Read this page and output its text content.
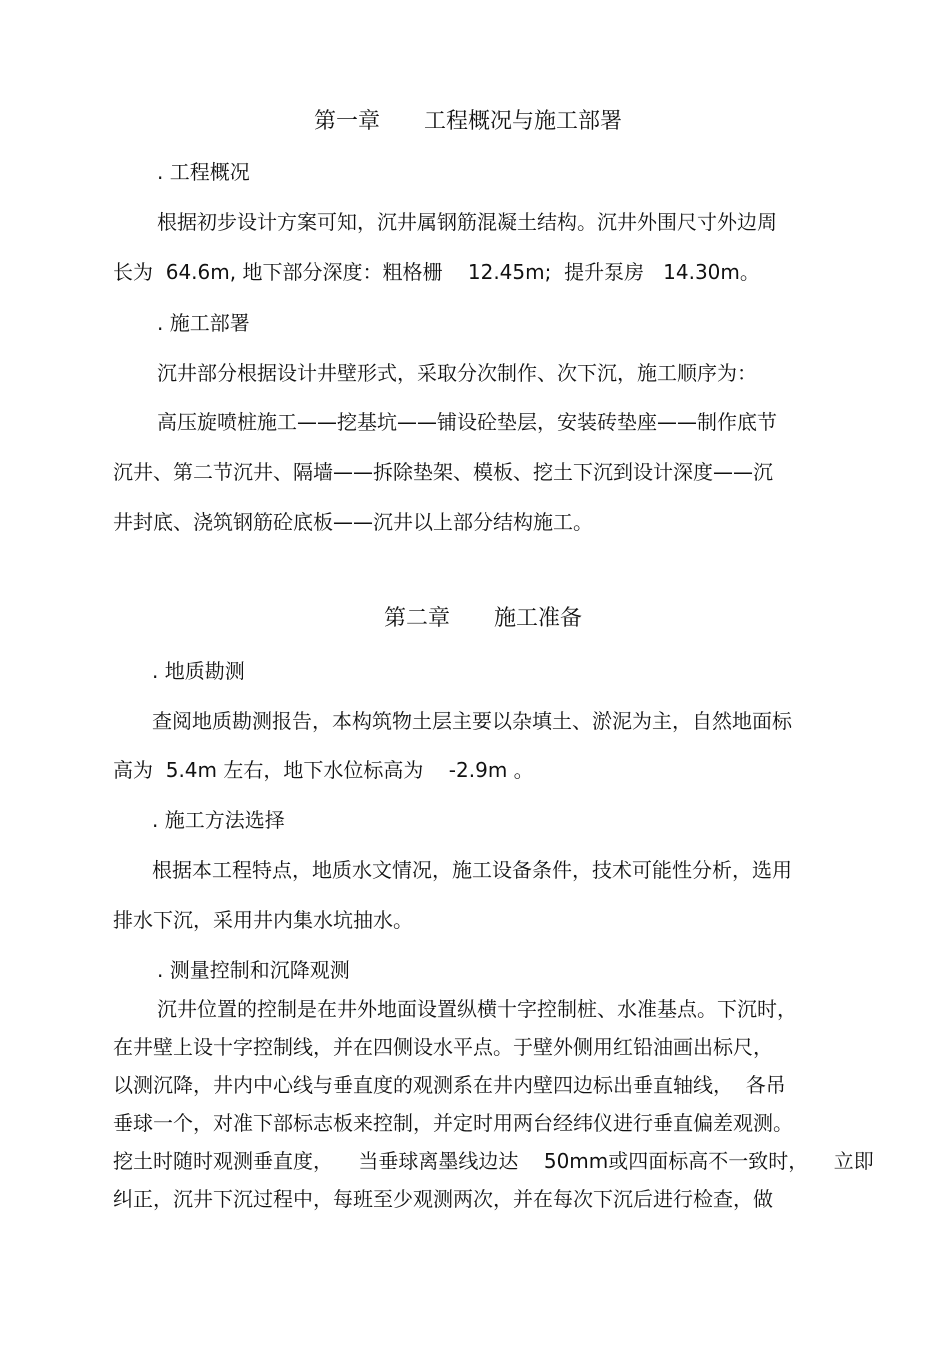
第一章　　工程概况与施工部署
. 工程概况
根据初步设计方案可知，沉井属钢筋混凝土结构。沉井外围尺寸外边周
长为  64.6m, 地下部分深度：粗格栅    12.45m;  提升泵房   14.30m。
. 施工部署
沉井部分根据设计井壁形式，采取分次制作、次下沉，施工顺序为：
高压旋喷桩施工——挖基坑——铺设砼垫层，安装砖垫座——制作底节
沉井、第二节沉井、隔墙——拆除垫架、模板、挖土下沉到设计深度——沉
井封底、浇筑钢筋砼底板——沉井以上部分结构施工。
第二章　　施工准备
. 地质勘测
查阅地质勘测报告，本构筑物土层主要以杂填土、淤泥为主，自然地面标
高为  5.4m 左右，地下水位标高为    -2.9m 。
. 施工方法选择
根据本工程特点，地质水文情况，施工设备条件，技术可能性分析，选用
排水下沉，采用井内集水坑抽水。
. 测量控制和沉降观测
沉井位置的控制是在井外地面设置纵横十字控制桩、水准基点。下沉时，
在井壁上设十字控制线，并在四侧设水平点。于壁外侧用红铅油画出标尺，
以测沉降，井内中心线与垂直度的观测系在井内壁四边标出垂直轴线，  各吊
垂球一个，对准下部标志板来控制，并定时用两台经纬仪进行垂直偏差观测。
挖土时随时观测垂直度，    当垂球离墨线边达    50mm或四面标高不一致时，    立即
纠正，沉井下沉过程中，每班至少观测两次，并在每次下沉后进行检查，做
